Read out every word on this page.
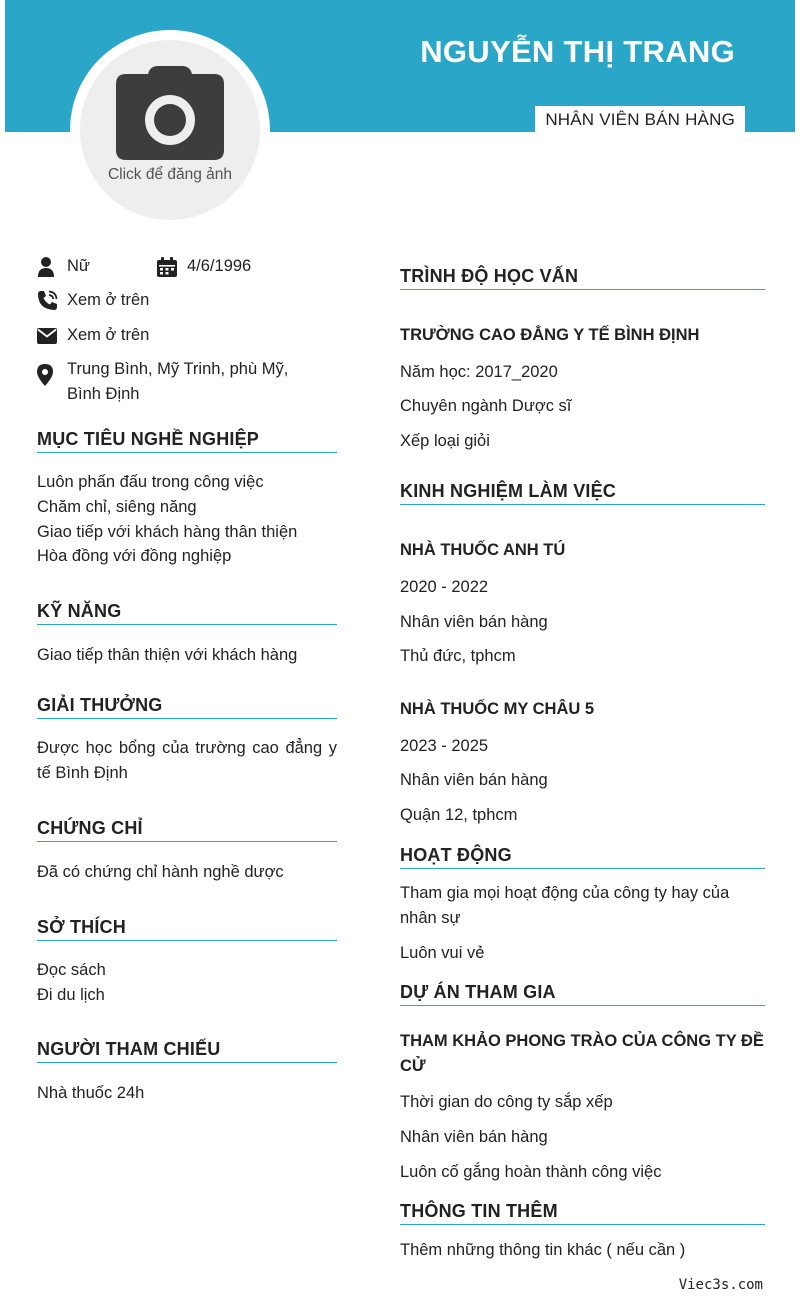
NGUYỄN THỊ TRANG
NHÂN VIÊN BÁN HÀNG
Click để đăng ảnh
Nữ	4/6/1996
Xem ở trên
Xem ở trên
Trung Bình, Mỹ Trinh, phù Mỹ, Bình Định
MỤC TIÊU NGHỀ NGHIỆP
Luôn phấn đấu trong công việc
Chăm chỉ, siêng năng
Giao tiếp với khách hàng thân thiện
Hòa đồng với đồng nghiệp
KỸ NĂNG
Giao tiếp thân thiện với khách hàng
GIẢI THƯỞNG
Được học bổng của trường cao đẳng y tế Bình Định
CHỨNG CHỈ
Đã có chứng chỉ hành nghề dược
SỞ THÍCH
Đọc sách
Đi du lịch
NGƯỜI THAM CHIẾU
Nhà thuốc 24h
TRÌNH ĐỘ HỌC VẤN
TRƯỜNG CAO ĐẲNG Y TẾ BÌNH ĐỊNH
Năm học: 2017_2020
Chuyên ngành Dược sĩ
Xếp loại giỏi
KINH NGHIỆM LÀM VIỆC
NHÀ THUỐC ANH TÚ
2020 - 2022
Nhân viên bán hàng
Thủ đức, tphcm
NHÀ THUỐC MY CHÂU 5
2023 - 2025
Nhân viên bán hàng
Quận 12, tphcm
HOẠT ĐỘNG
Tham gia mọi hoạt động của công ty hay của nhân sự
Luôn vui vẻ
DỰ ÁN THAM GIA
THAM KHẢO PHONG TRÀO CỦA CÔNG TY ĐỀ CỬ
Thời gian do công ty sắp xếp
Nhân viên bán hàng
Luôn cố gắng hoàn thành công việc
THÔNG TIN THÊM
Thêm những thông tin khác ( nếu cần )
Viec3s.com
